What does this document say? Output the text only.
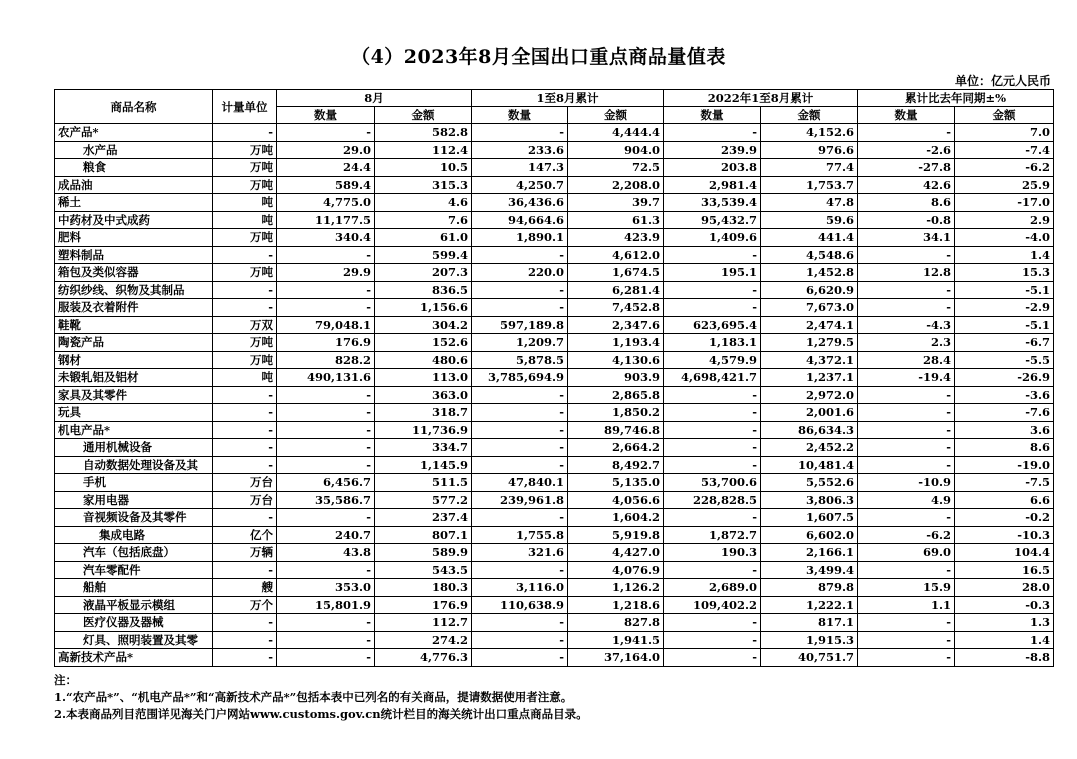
（4）2023年8月全国出口重点商品量值表
单位：亿元人民币
商品名称	计量单位	8月		1至8月累计		2022年1至8月累计		累计比去年同期±%	
		数量	金额	数量	金额	数量	金额	数量	金额
农产品*	-	-	582.8	-	4,444.4	-	4,152.6	-	7.0
水产品	万吨	29.0	112.4	233.6	904.0	239.9	976.6	-2.6	-7.4
粮食	万吨	24.4	10.5	147.3	72.5	203.8	77.4	-27.8	-6.2
成品油	万吨	589.4	315.3	4,250.7	2,208.0	2,981.4	1,753.7	42.6	25.9
稀土	吨	4,775.0	4.6	36,436.6	39.7	33,539.4	47.8	8.6	-17.0
中药材及中式成药	吨	11,177.5	7.6	94,664.6	61.3	95,432.7	59.6	-0.8	2.9
肥料	万吨	340.4	61.0	1,890.1	423.9	1,409.6	441.4	34.1	-4.0
塑料制品	-	-	599.4	-	4,612.0	-	4,548.6	-	1.4
箱包及类似容器	万吨	29.9	207.3	220.0	1,674.5	195.1	1,452.8	12.8	15.3
纺织纱线、织物及其制品	-	-	836.5	-	6,281.4	-	6,620.9	-	-5.1
服装及衣着附件	-	-	1,156.6	-	7,452.8	-	7,673.0	-	-2.9
鞋靴	万双	79,048.1	304.2	597,189.8	2,347.6	623,695.4	2,474.1	-4.3	-5.1
陶瓷产品	万吨	176.9	152.6	1,209.7	1,193.4	1,183.1	1,279.5	2.3	-6.7
钢材	万吨	828.2	480.6	5,878.5	4,130.6	4,579.9	4,372.1	28.4	-5.5
未锻轧铝及铝材	吨	490,131.6	113.0	3,785,694.9	903.9	4,698,421.7	1,237.1	-19.4	-26.9
家具及其零件	-	-	363.0	-	2,865.8	-	2,972.0	-	-3.6
玩具	-	-	318.7	-	1,850.2	-	2,001.6	-	-7.6
机电产品*	-	-	11,736.9	-	89,746.8	-	86,634.3	-	3.6
通用机械设备	-	-	334.7	-	2,664.2	-	2,452.2	-	8.6
自动数据处理设备及其	-	-	1,145.9	-	8,492.7	-	10,481.4	-	-19.0
手机	万台	6,456.7	511.5	47,840.1	5,135.0	53,700.6	5,552.6	-10.9	-7.5
家用电器	万台	35,586.7	577.2	239,961.8	4,056.6	228,828.5	3,806.3	4.9	6.6
音视频设备及其零件	-	-	237.4	-	1,604.2	-	1,607.5	-	-0.2
集成电路	亿个	240.7	807.1	1,755.8	5,919.8	1,872.7	6,602.0	-6.2	-10.3
汽车（包括底盘）	万辆	43.8	589.9	321.6	4,427.0	190.3	2,166.1	69.0	104.4
汽车零配件	-	-	543.5	-	4,076.9	-	3,499.4	-	16.5
船舶	艘	353.0	180.3	3,116.0	1,126.2	2,689.0	879.8	15.9	28.0
液晶平板显示模组	万个	15,801.9	176.9	110,638.9	1,218.6	109,402.2	1,222.1	1.1	-0.3
医疗仪器及器械	-	-	112.7	-	827.8	-	817.1	-	1.3
灯具、照明装置及其零	-	-	274.2	-	1,941.5	-	1,915.3	-	1.4
高新技术产品*	-	-	4,776.3	-	37,164.0	-	40,751.7	-	-8.8
注：
1.“农产品*”、“机电产品*”和“高新技术产品*”包括本表中已列名的有关商品，提请数据使用者注意。
2.本表商品列目范围详见海关门户网站www.customs.gov.cn统计栏目的海关统计出口重点商品目录。
